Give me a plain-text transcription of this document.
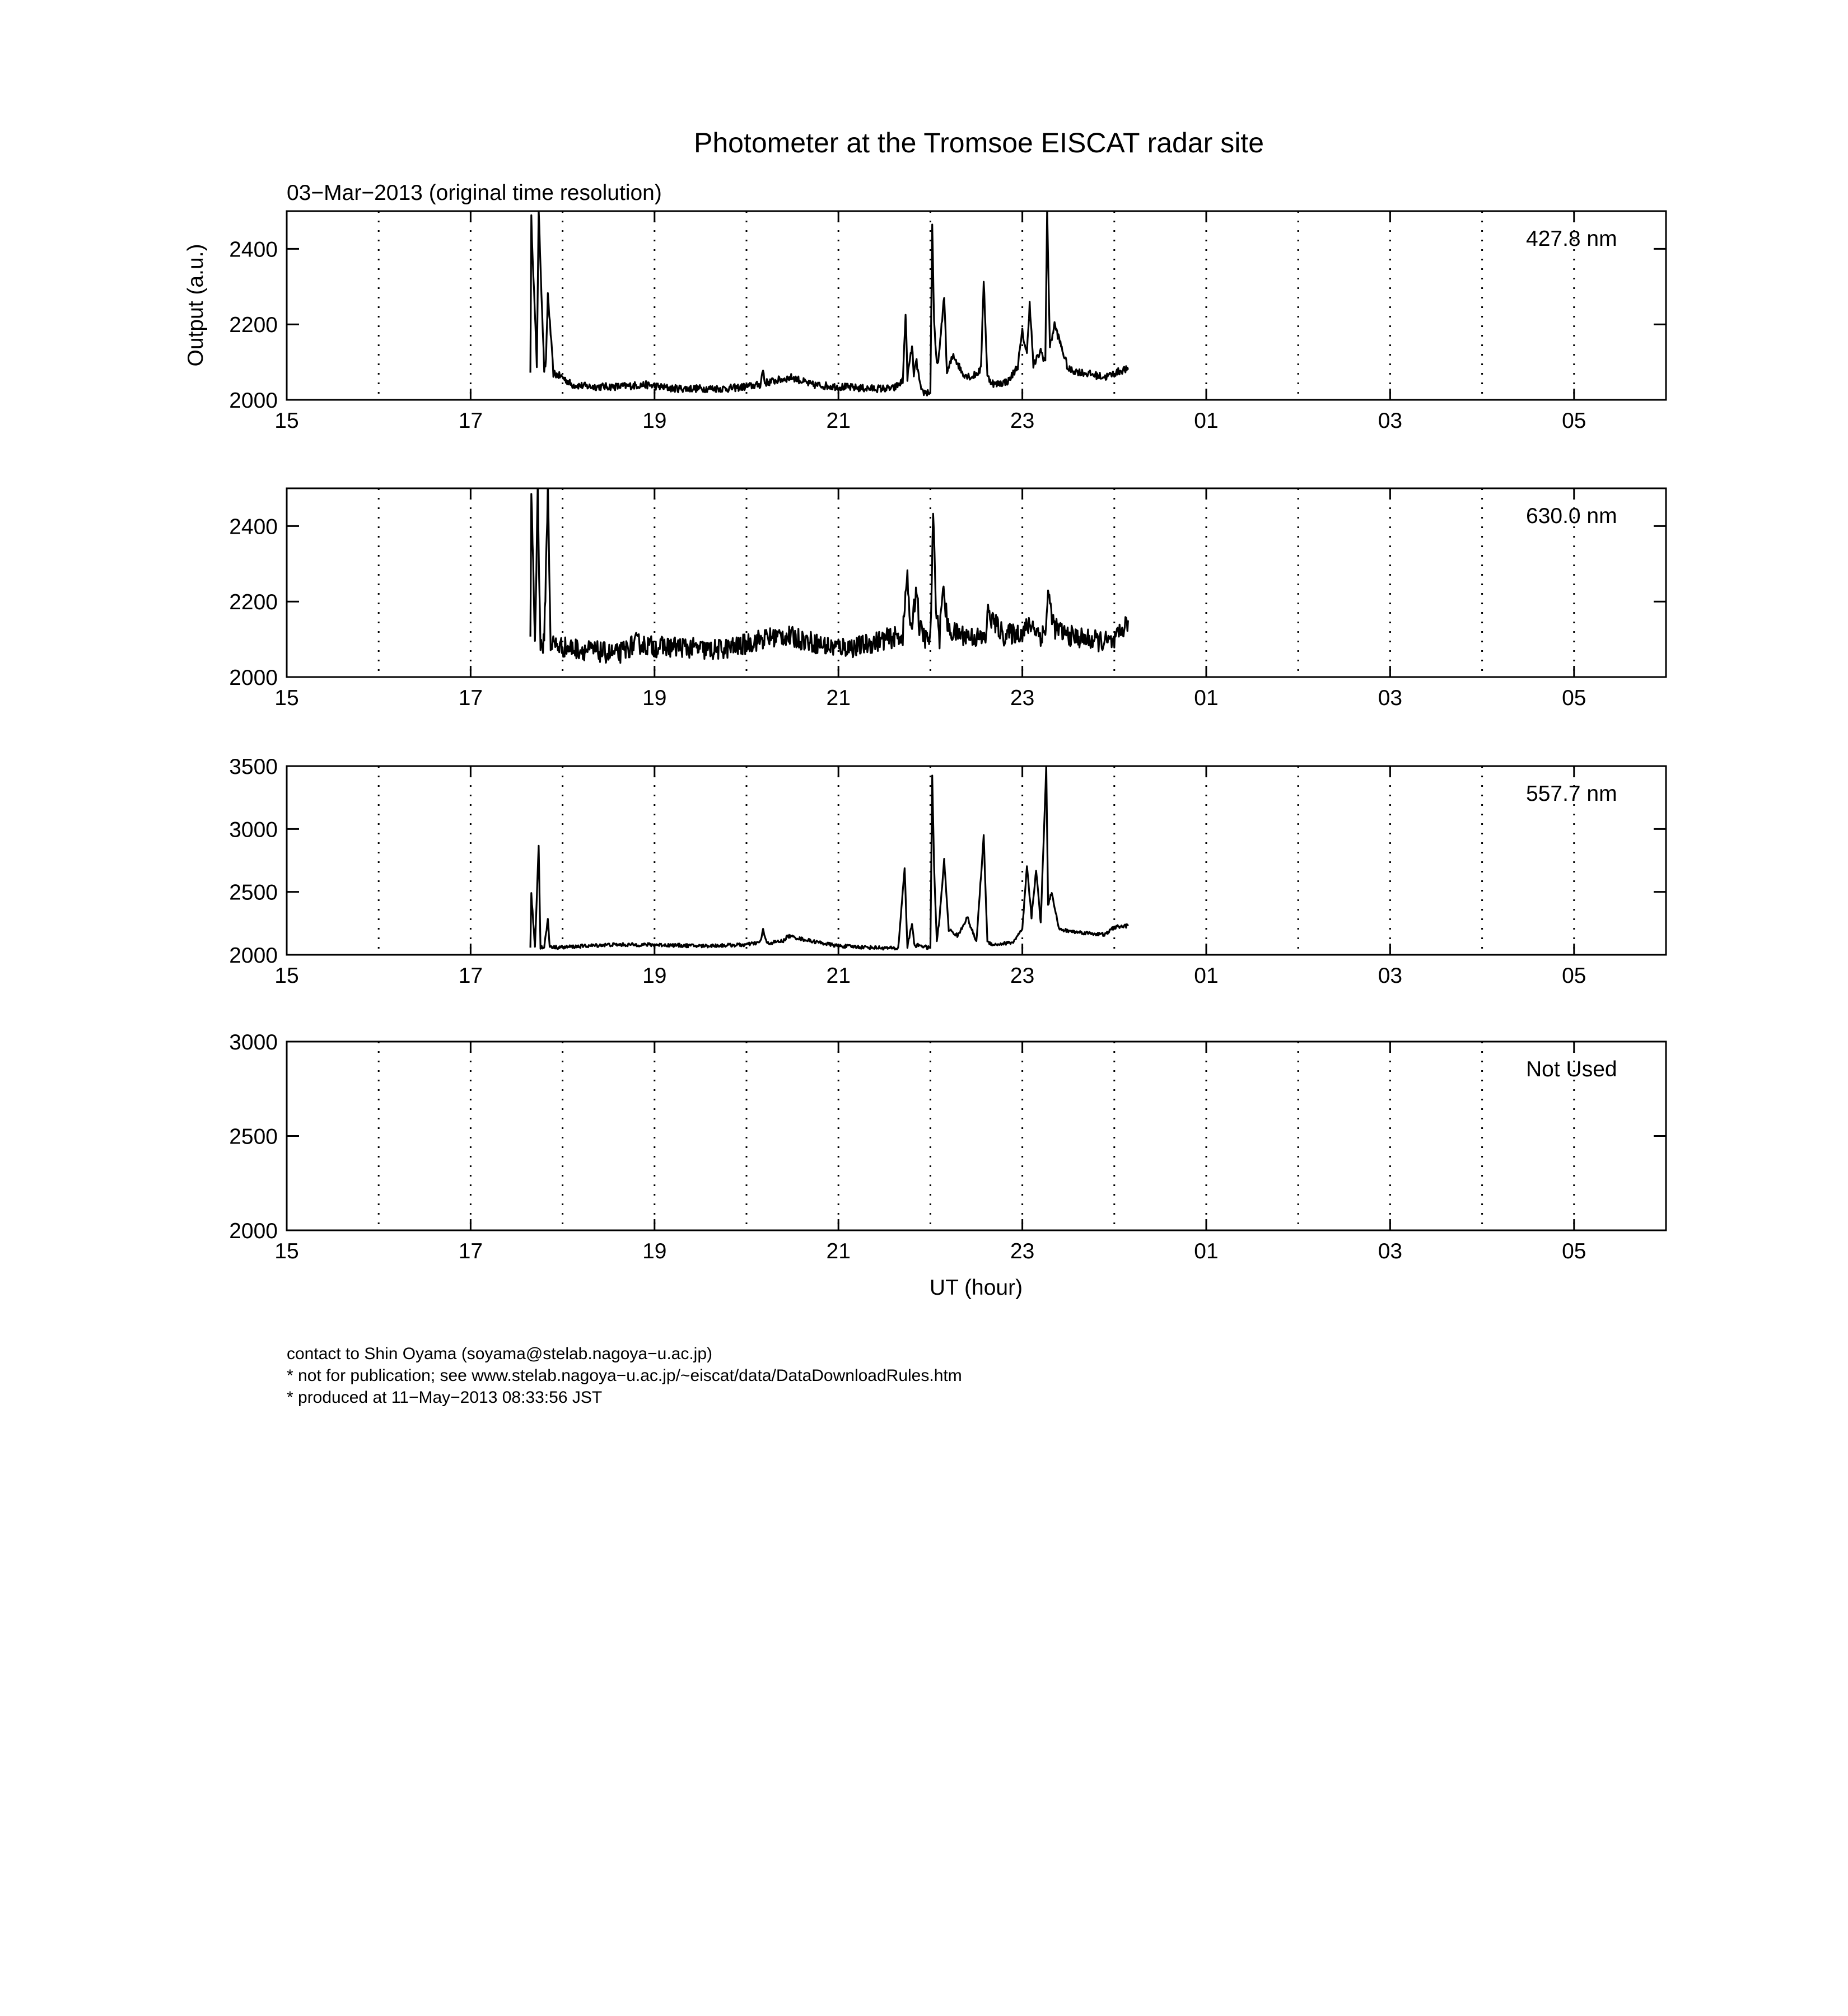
Photometer at the Tromsoe EISCAT radar site
03−Mar−2013 (original time resolution)
Output (a.u.)
UT (hour)
15	17	19	21	23	01	03	05
2000
2200
2400	427.8 nm
15	17	19	21	23	01	03	05
2000
2200
2400	630.0 nm
15	17	19	21	23	01	03	05
2000
2500
3000
3500
557.7 nm
15	17	19	21	23	01	03	05
2000
2500
3000
Not Used
contact to Shin Oyama (soyama@stelab.nagoya−u.ac.jp)
* not for publication; see www.stelab.nagoya−u.ac.jp/~eiscat/data/DataDownloadRules.htm
* produced at 11−May−2013 08:33:56 JST
